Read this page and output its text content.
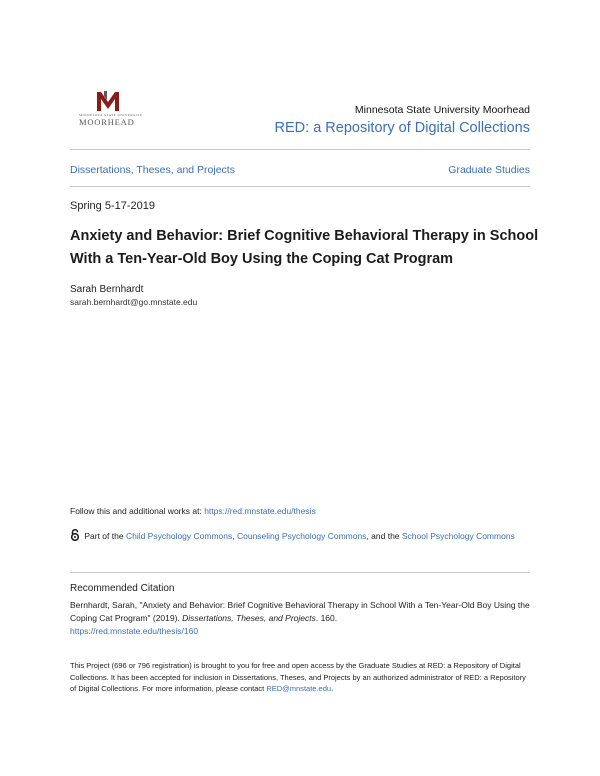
MINNESOTA STATE UNIVERSITY
MOORHEAD
Minnesota State University Moorhead
RED: a Repository of Digital Collections
Dissertations, Theses, and Projects	Graduate Studies
Spring 5-17-2019
Anxiety and Behavior: Brief Cognitive Behavioral Therapy in School With a Ten-Year-Old Boy Using the Coping Cat Program
Sarah Bernhardt
sarah.bernhardt@go.mnstate.edu
Follow this and additional works at: https://red.mnstate.edu/thesis
Part of the Child Psychology Commons, Counseling Psychology Commons, and the School Psychology Commons
Recommended Citation
Bernhardt, Sarah, "Anxiety and Behavior: Brief Cognitive Behavioral Therapy in School With a Ten-Year-Old Boy Using the Coping Cat Program" (2019). Dissertations, Theses, and Projects. 160.
https://red.mnstate.edu/thesis/160
This Project (696 or 796 registration) is brought to you for free and open access by the Graduate Studies at RED: a Repository of Digital Collections. It has been accepted for inclusion in Dissertations, Theses, and Projects by an authorized administrator of RED: a Repository of Digital Collections. For more information, please contact RED@mnstate.edu.
